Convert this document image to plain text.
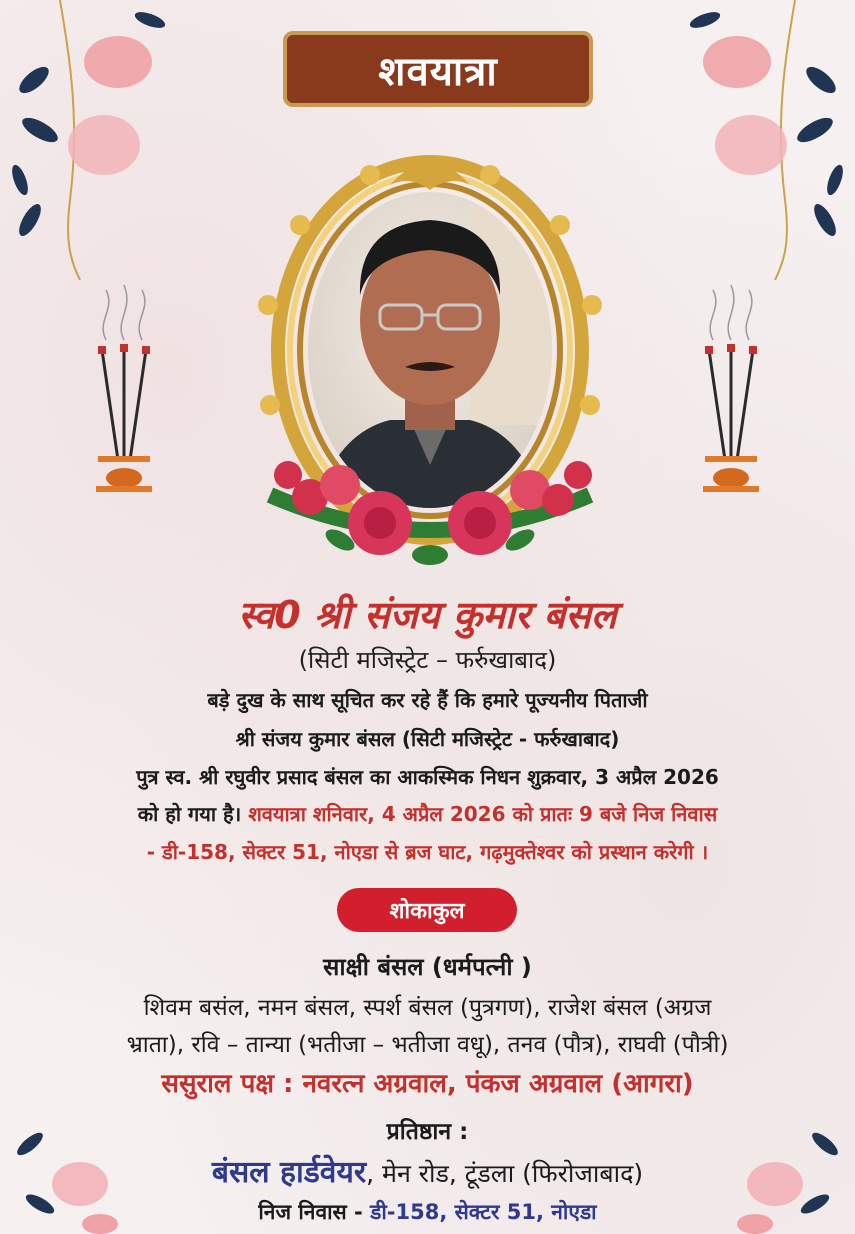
शवयात्रा
स्व0 श्री संजय कुमार बंसल
(सिटी मजिस्ट्रेट – फर्रुखाबाद)
बड़े दुख के साथ सूचित कर रहे हैं कि हमारे पूज्यनीय पिताजी
श्री संजय कुमार बंसल (सिटी मजिस्ट्रेट - फर्रुखाबाद)
पुत्र स्व. श्री रघुवीर प्रसाद बंसल का आकस्मिक निधन शुक्रवार, 3 अप्रैल 2026
को हो गया है। शवयात्रा शनिवार, 4 अप्रैल 2026 को प्रातः 9 बजे निज निवास
- डी-158, सेक्टर 51, नोएडा से ब्रज घाट, गढ़मुक्तेश्वर को प्रस्थान करेगी ।
शोकाकुल
साक्षी बंसल (धर्मपत्नी )
शिवम बसंल, नमन बंसल, स्पर्श बंसल (पुत्रगण), राजेश बंसल (अग्रज
भ्राता), रवि – तान्या (भतीजा – भतीजा वधू), तनव (पौत्र), राघवी (पौत्री)
ससुराल पक्ष : नवरत्न अग्रवाल, पंकज अग्रवाल (आगरा)
प्रतिष्ठान :
बंसल हार्डवेयर, मेन रोड, टूंडला (फिरोजाबाद)
निज निवास - डी-158, सेक्टर 51, नोएडा
